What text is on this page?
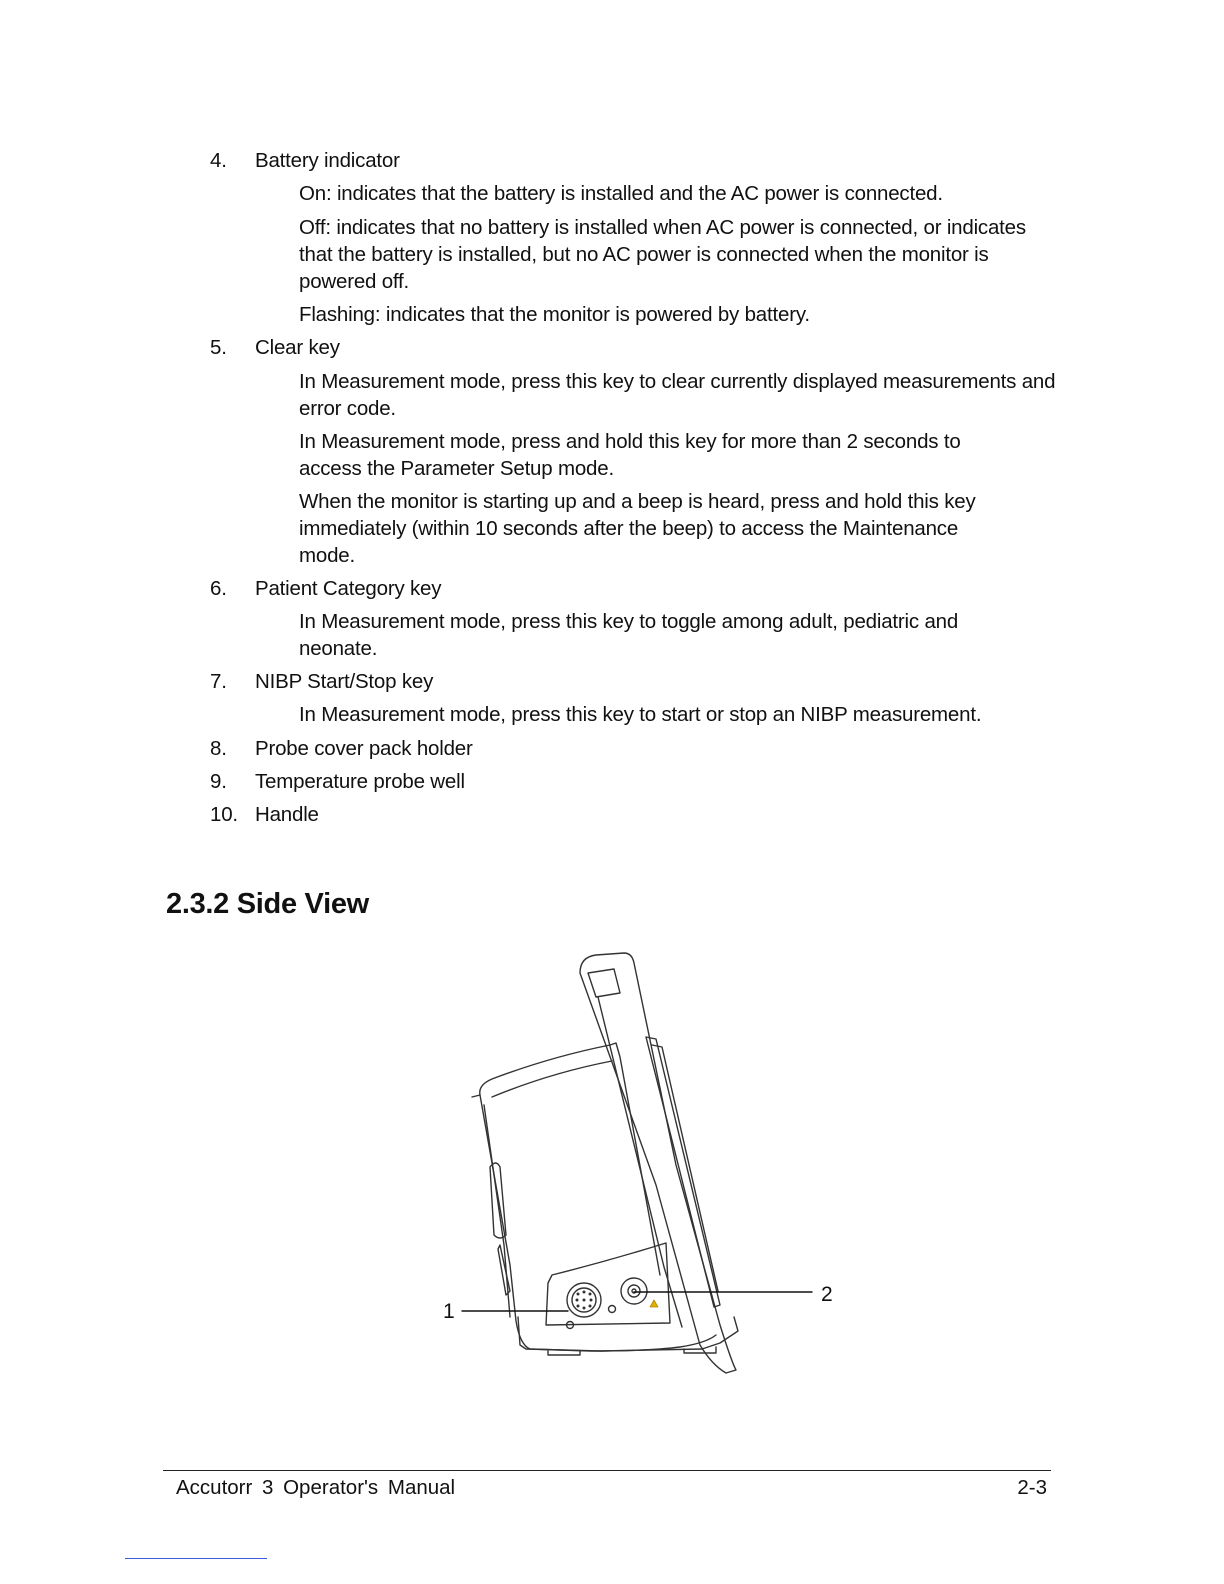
4. Battery indicator
On: indicates that the battery is installed and the AC power is connected.
Off: indicates that no battery is installed when AC power is connected, or indicates that the battery is installed, but no AC power is connected when the monitor is powered off.
Flashing: indicates that the monitor is powered by battery.
5. Clear key
In Measurement mode, press this key to clear currently displayed measurements and error code.
In Measurement mode, press and hold this key for more than 2 seconds to access the Parameter Setup mode.
When the monitor is starting up and a beep is heard, press and hold this key immediately (within 10 seconds after the beep) to access the Maintenance mode.
6. Patient Category key
In Measurement mode, press this key to toggle among adult, pediatric and neonate.
7. NIBP Start/Stop key
In Measurement mode, press this key to start or stop an NIBP measurement.
8. Probe cover pack holder
9. Temperature probe well
10. Handle
2.3.2 Side View
1
2
Accutorr 3 Operator's Manual	2-3
